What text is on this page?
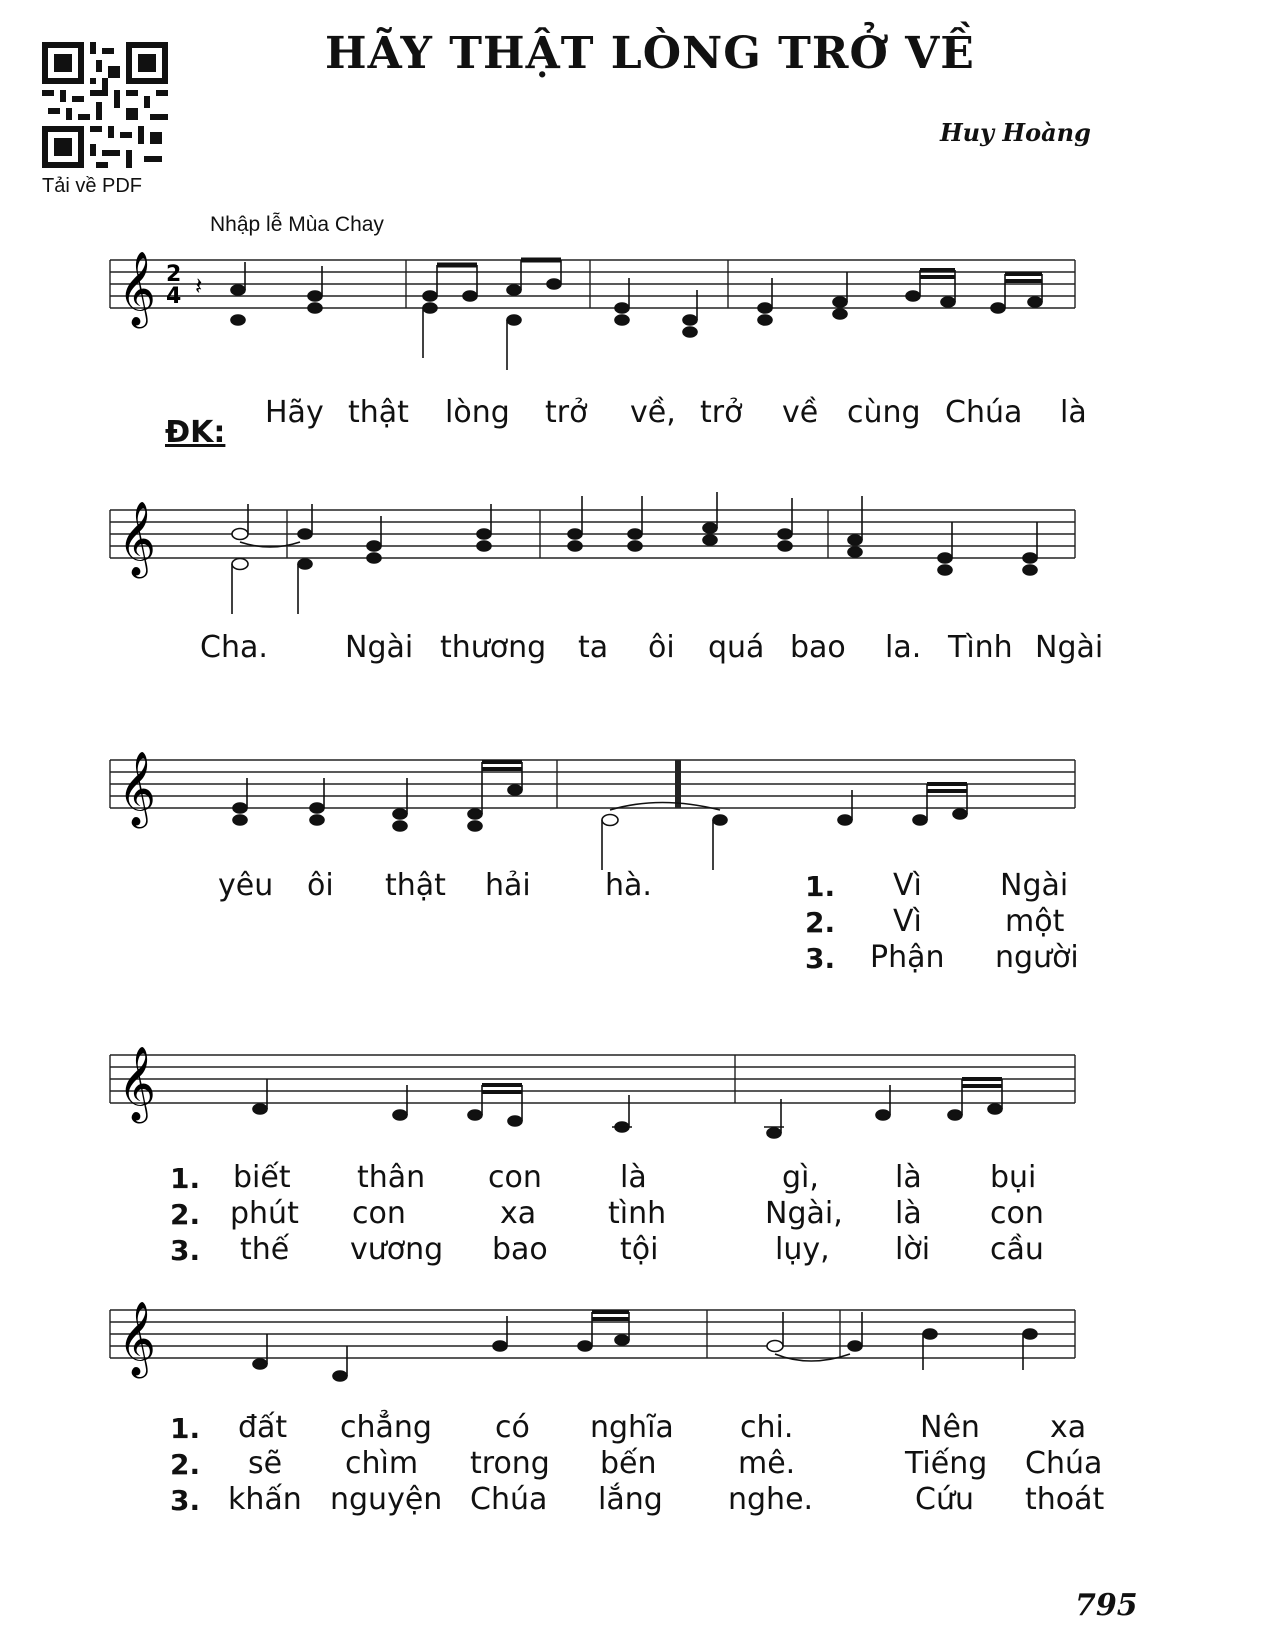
HÃY THẬT LÒNG TRỞ VỀ
Huy Hoàng
Tải về PDF
Nhập lễ Mùa Chay
𝄞 2
4 𝄽
ĐK:
Hãy thật lòng trở về, trở về cùng Chúa là
𝄞
Cha.	Ngài thương ta ôi quá bao la. Tình Ngài
𝄞
yêu ôi thật hải hà.	1. Vì	Ngài
2. Vì	một
3. Phận người
𝄞
1. biết thân con	là	gì,	là bụi
2. phút con	xa tình	Ngài, là con
3. thế vương bao tội	lụy, lời cầu
𝄞
1. đất chẳng có nghĩa chi.	Nên xa
2. sẽ chìm trong bến	mê.	Tiếng Chúa
3. khấn nguyện Chúa lắng nghe.	Cứu thoát
795
